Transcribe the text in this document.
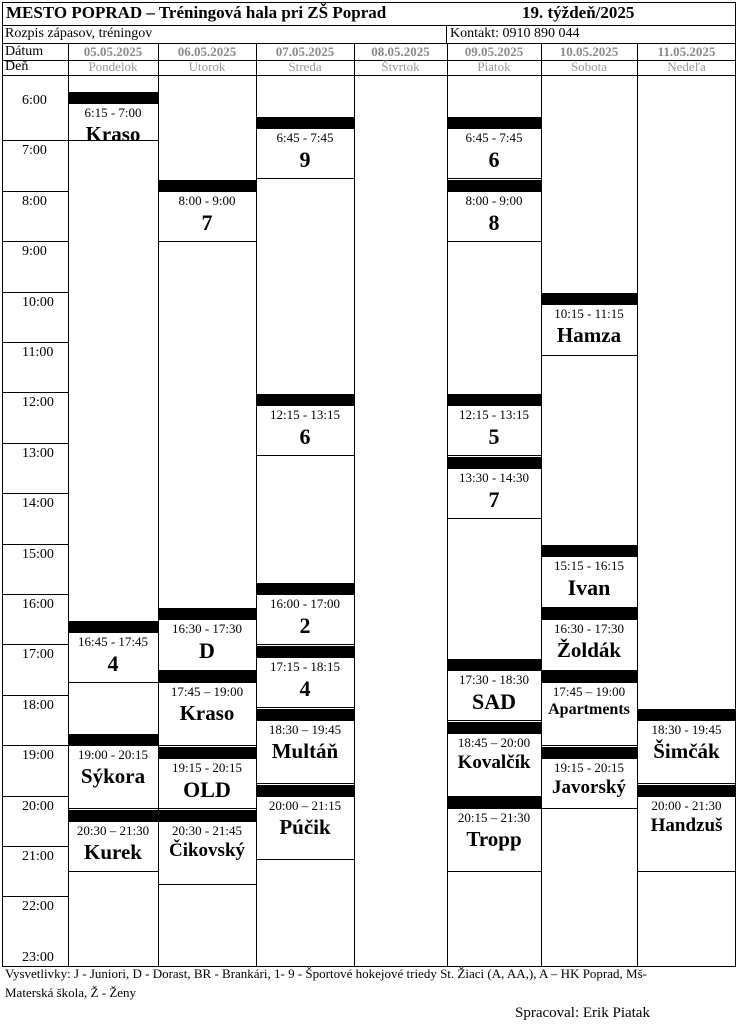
MESTO POPRAD – Tréningová hala pri ZŠ Poprad	19. týždeň/2025
Rozpis zápasov, tréningov	Kontakt: 0910 890 044
Dátum
Deň
05.05.2025
Pondelok
06.05.2025
Utorok
07.05.2025
Streda
08.05.2025
Štvrtok
09.05.2025
Piatok
10.05.2025
Sobota
11.05.2025
Nedeľa
6:00
7:00
8:00
9:00
10:00
11:00
12:00
13:00
14:00
15:00
16:00
17:00
18:00
19:00
20:00
21:00
22:00
23:00
6:15 - 7:00
Kraso
16:45 - 17:45
4
19:00 - 20:15
Sýkora
20:30 – 21:30
Kurek
8:00 - 9:00
7
16:30 - 17:30
D
17:45 – 19:00
Kraso
19:15 - 20:15
OLD
20:30 - 21:45
Čikovský
6:45 - 7:45
9
12:15 - 13:15
6
16:00 - 17:00
2
17:15 - 18:15
4
18:30 – 19:45
Multáň
20:00 – 21:15
Púčik
6:45 - 7:45
6
8:00 - 9:00
8
12:15 - 13:15
5
13:30 - 14:30
7
17:30 - 18:30
SAD
18:45 – 20:00
Kovalčík
20:15 – 21:30
Tropp
10:15 - 11:15
Hamza
15:15 - 16:15
Ivan
16:30 - 17:30
Žoldák
17:45 – 19:00
Apartments
19:15 - 20:15
Javorský
18:30 - 19:45
Šimčák
20:00 - 21:30
Handzuš
Vysvetlivky: J - Juniori, D - Dorast, BR - Brankári, 1- 9 - Športové hokejové triedy St. Žiaci (A, AA,), A – HK Poprad, Mš-
Materská škola, Ž - Ženy
Spracoval: Erik Piatak
